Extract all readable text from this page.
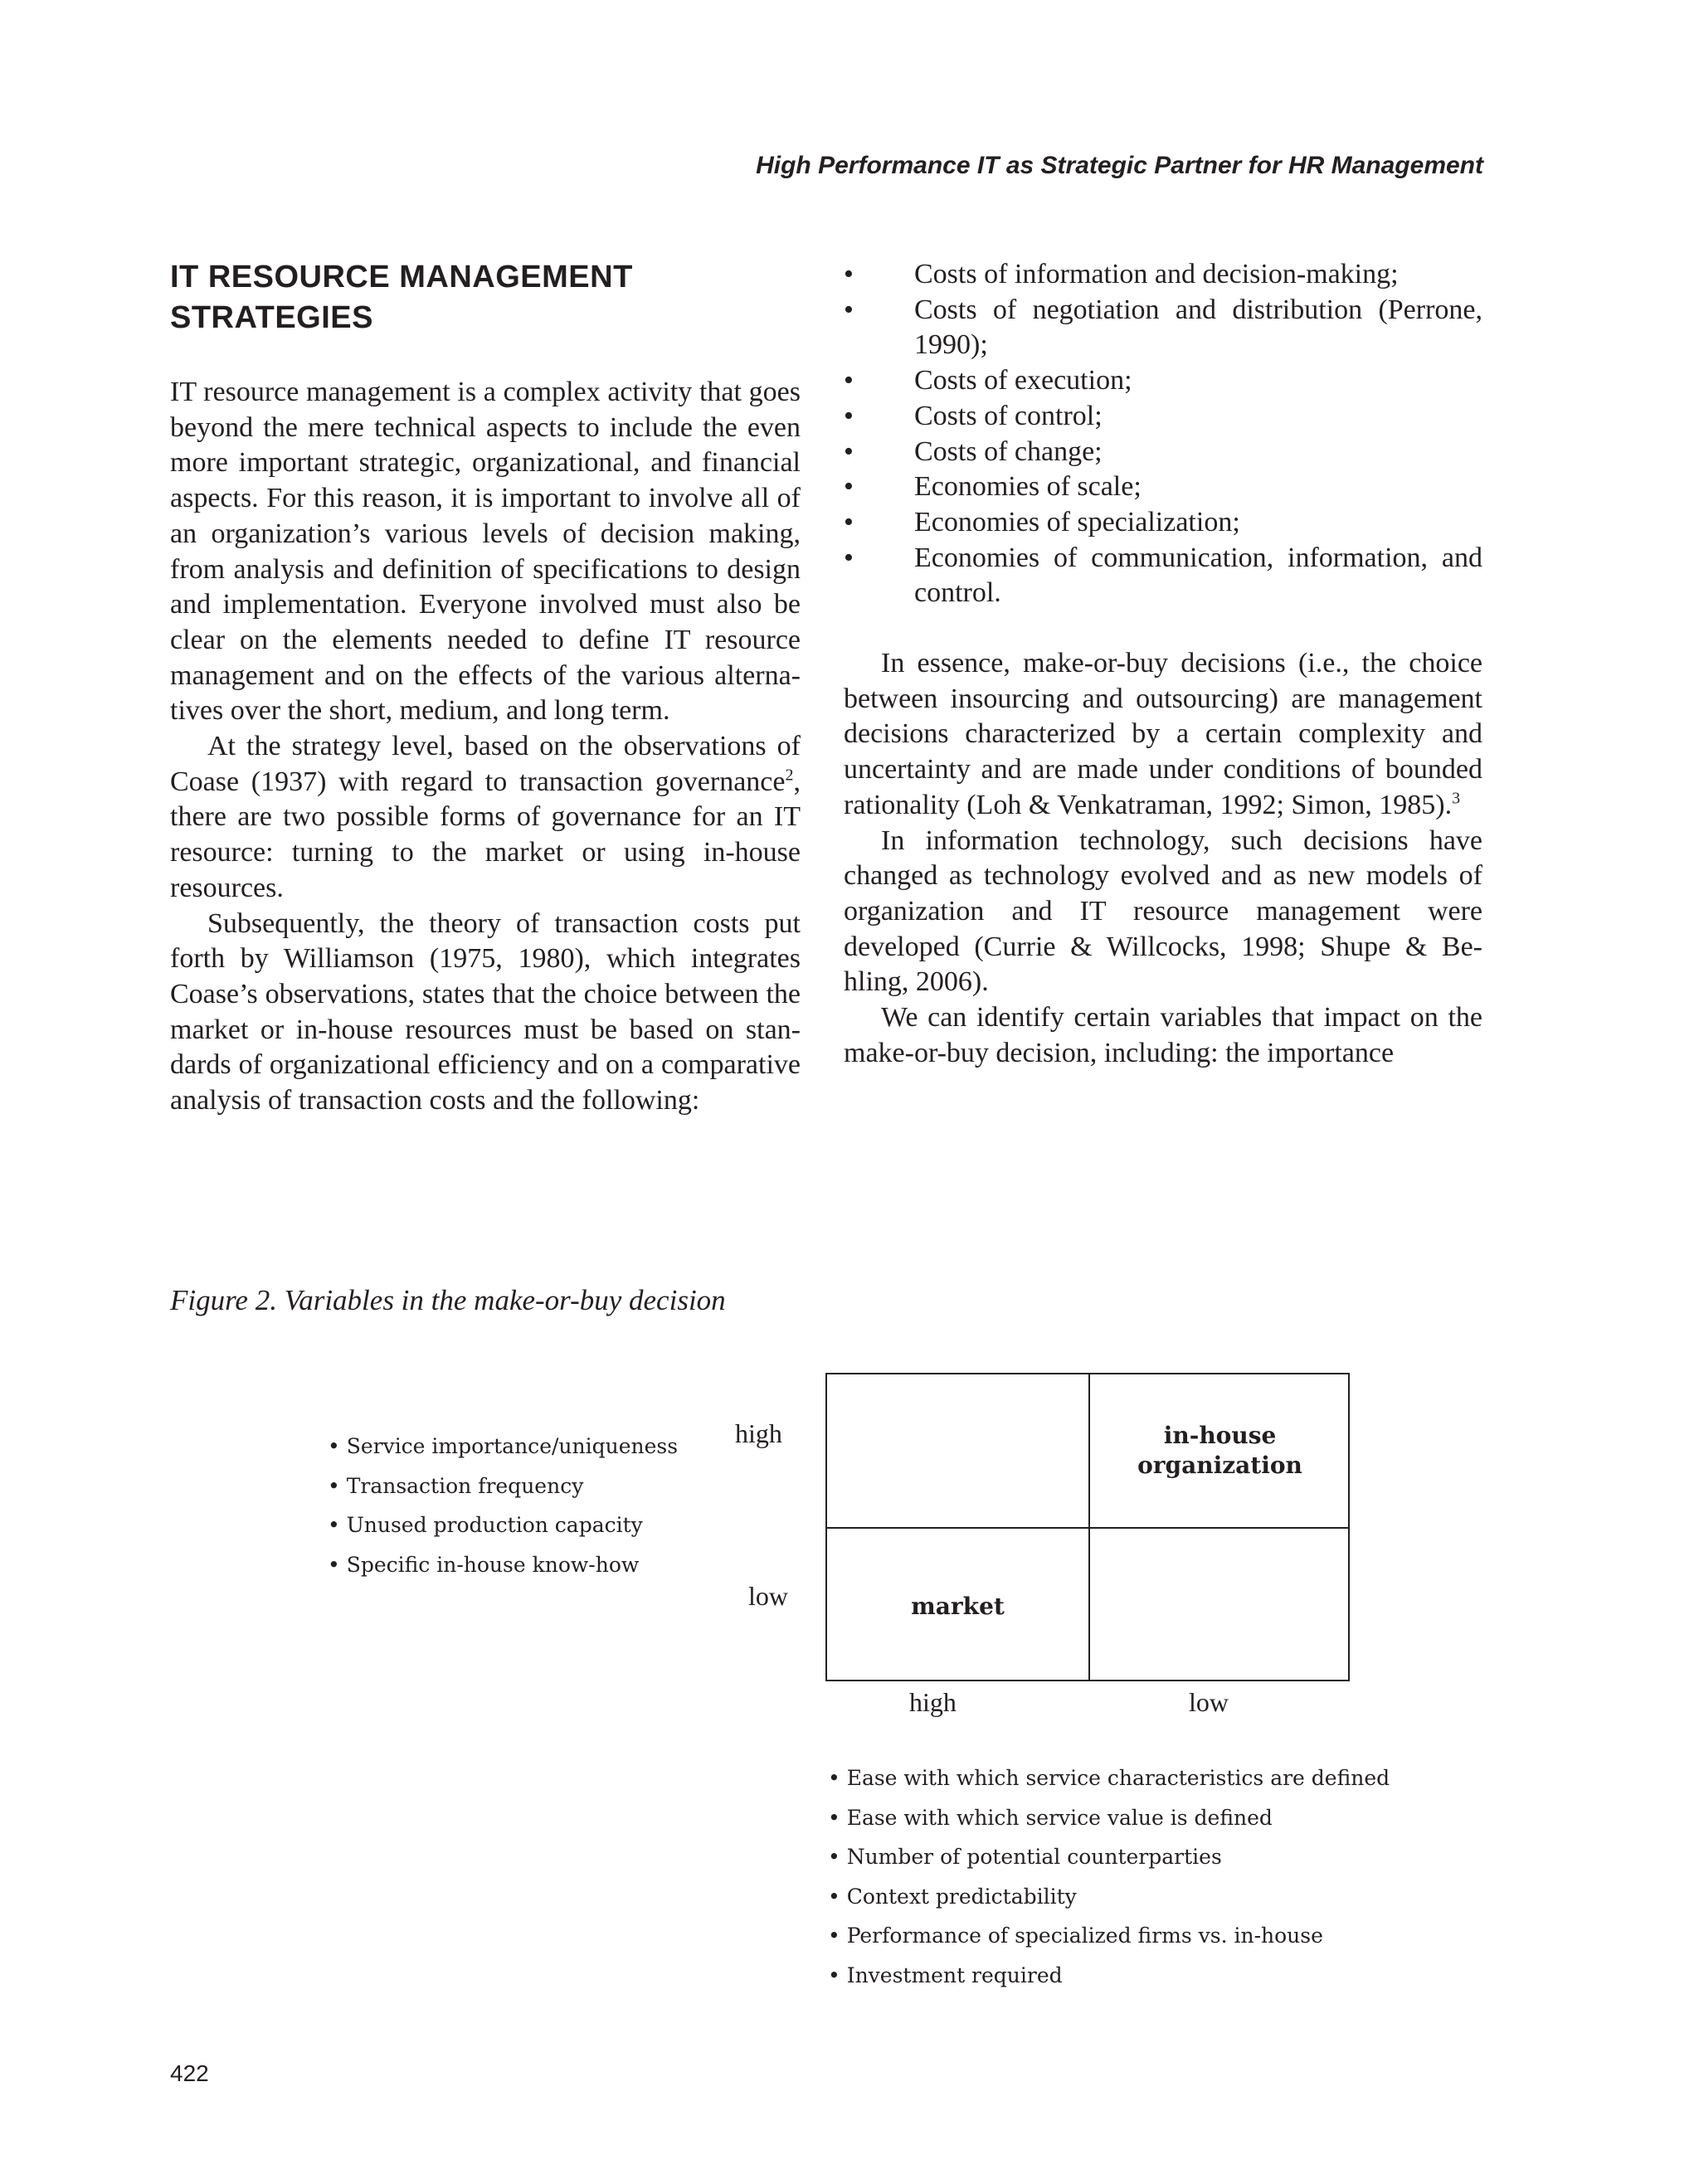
High Performance IT as Strategic Partner for HR Management
IT RESOURCE MANAGEMENT STRATEGIES

IT resource management is a complex activity that goes beyond the mere technical aspects to include the even more important strategic, organizational, and financial aspects. For this reason, it is important to involve all of an organization’s various levels of decision making, from analysis and definition of specifications to design and implementation. Everyone involved must also be clear on the elements needed to define IT resource management and on the effects of the various alternatives over the short, medium, and long term.

At the strategy level, based on the observations of Coase (1937) with regard to transaction governance$^2$, there are two possible forms of governance for an IT resource: turning to the market or using in-house resources.

Subsequently, the theory of transaction costs put forth by Williamson (1975, 1980), which integrates Coase’s observations, states that the choice between the market or in-house resources must be based on standards of organizational efficiency and on a comparative analysis of transaction costs and the following:

• Costs of information and decision-making;
• Costs of negotiation and distribution (Perrone, 1990);
• Costs of execution;
• Costs of control;
• Costs of change;
• Economies of scale;
• Economies of specialization;
• Economies of communication, information, and control.

In essence, make-or-buy decisions (i.e., the choice between insourcing and outsourcing) are management decisions characterized by a certain complexity and uncertainty and are made under conditions of bounded rationality (Loh & Venkatraman, 1992; Simon, 1985).$^3$

In information technology, such decisions have changed as technology evolved and as new models of organization and IT resource management were developed (Currie & Willcocks, 1998; Shupe & Behling, 2006).

We can identify certain variables that impact on the make-or-buy decision, including: the importance

Figure 2. Variables in the make-or-buy decision
• Service importance/uniqueness
• Transaction frequency
• Unused production capacity
• Specific in-house know-how
high
low
in-house organization
market
high	low
• Ease with which service characteristics are defined
• Ease with which service value is defined
• Number of potential counterparties
• Context predictability
• Performance of specialized firms vs. in-house
• Investment required
422
